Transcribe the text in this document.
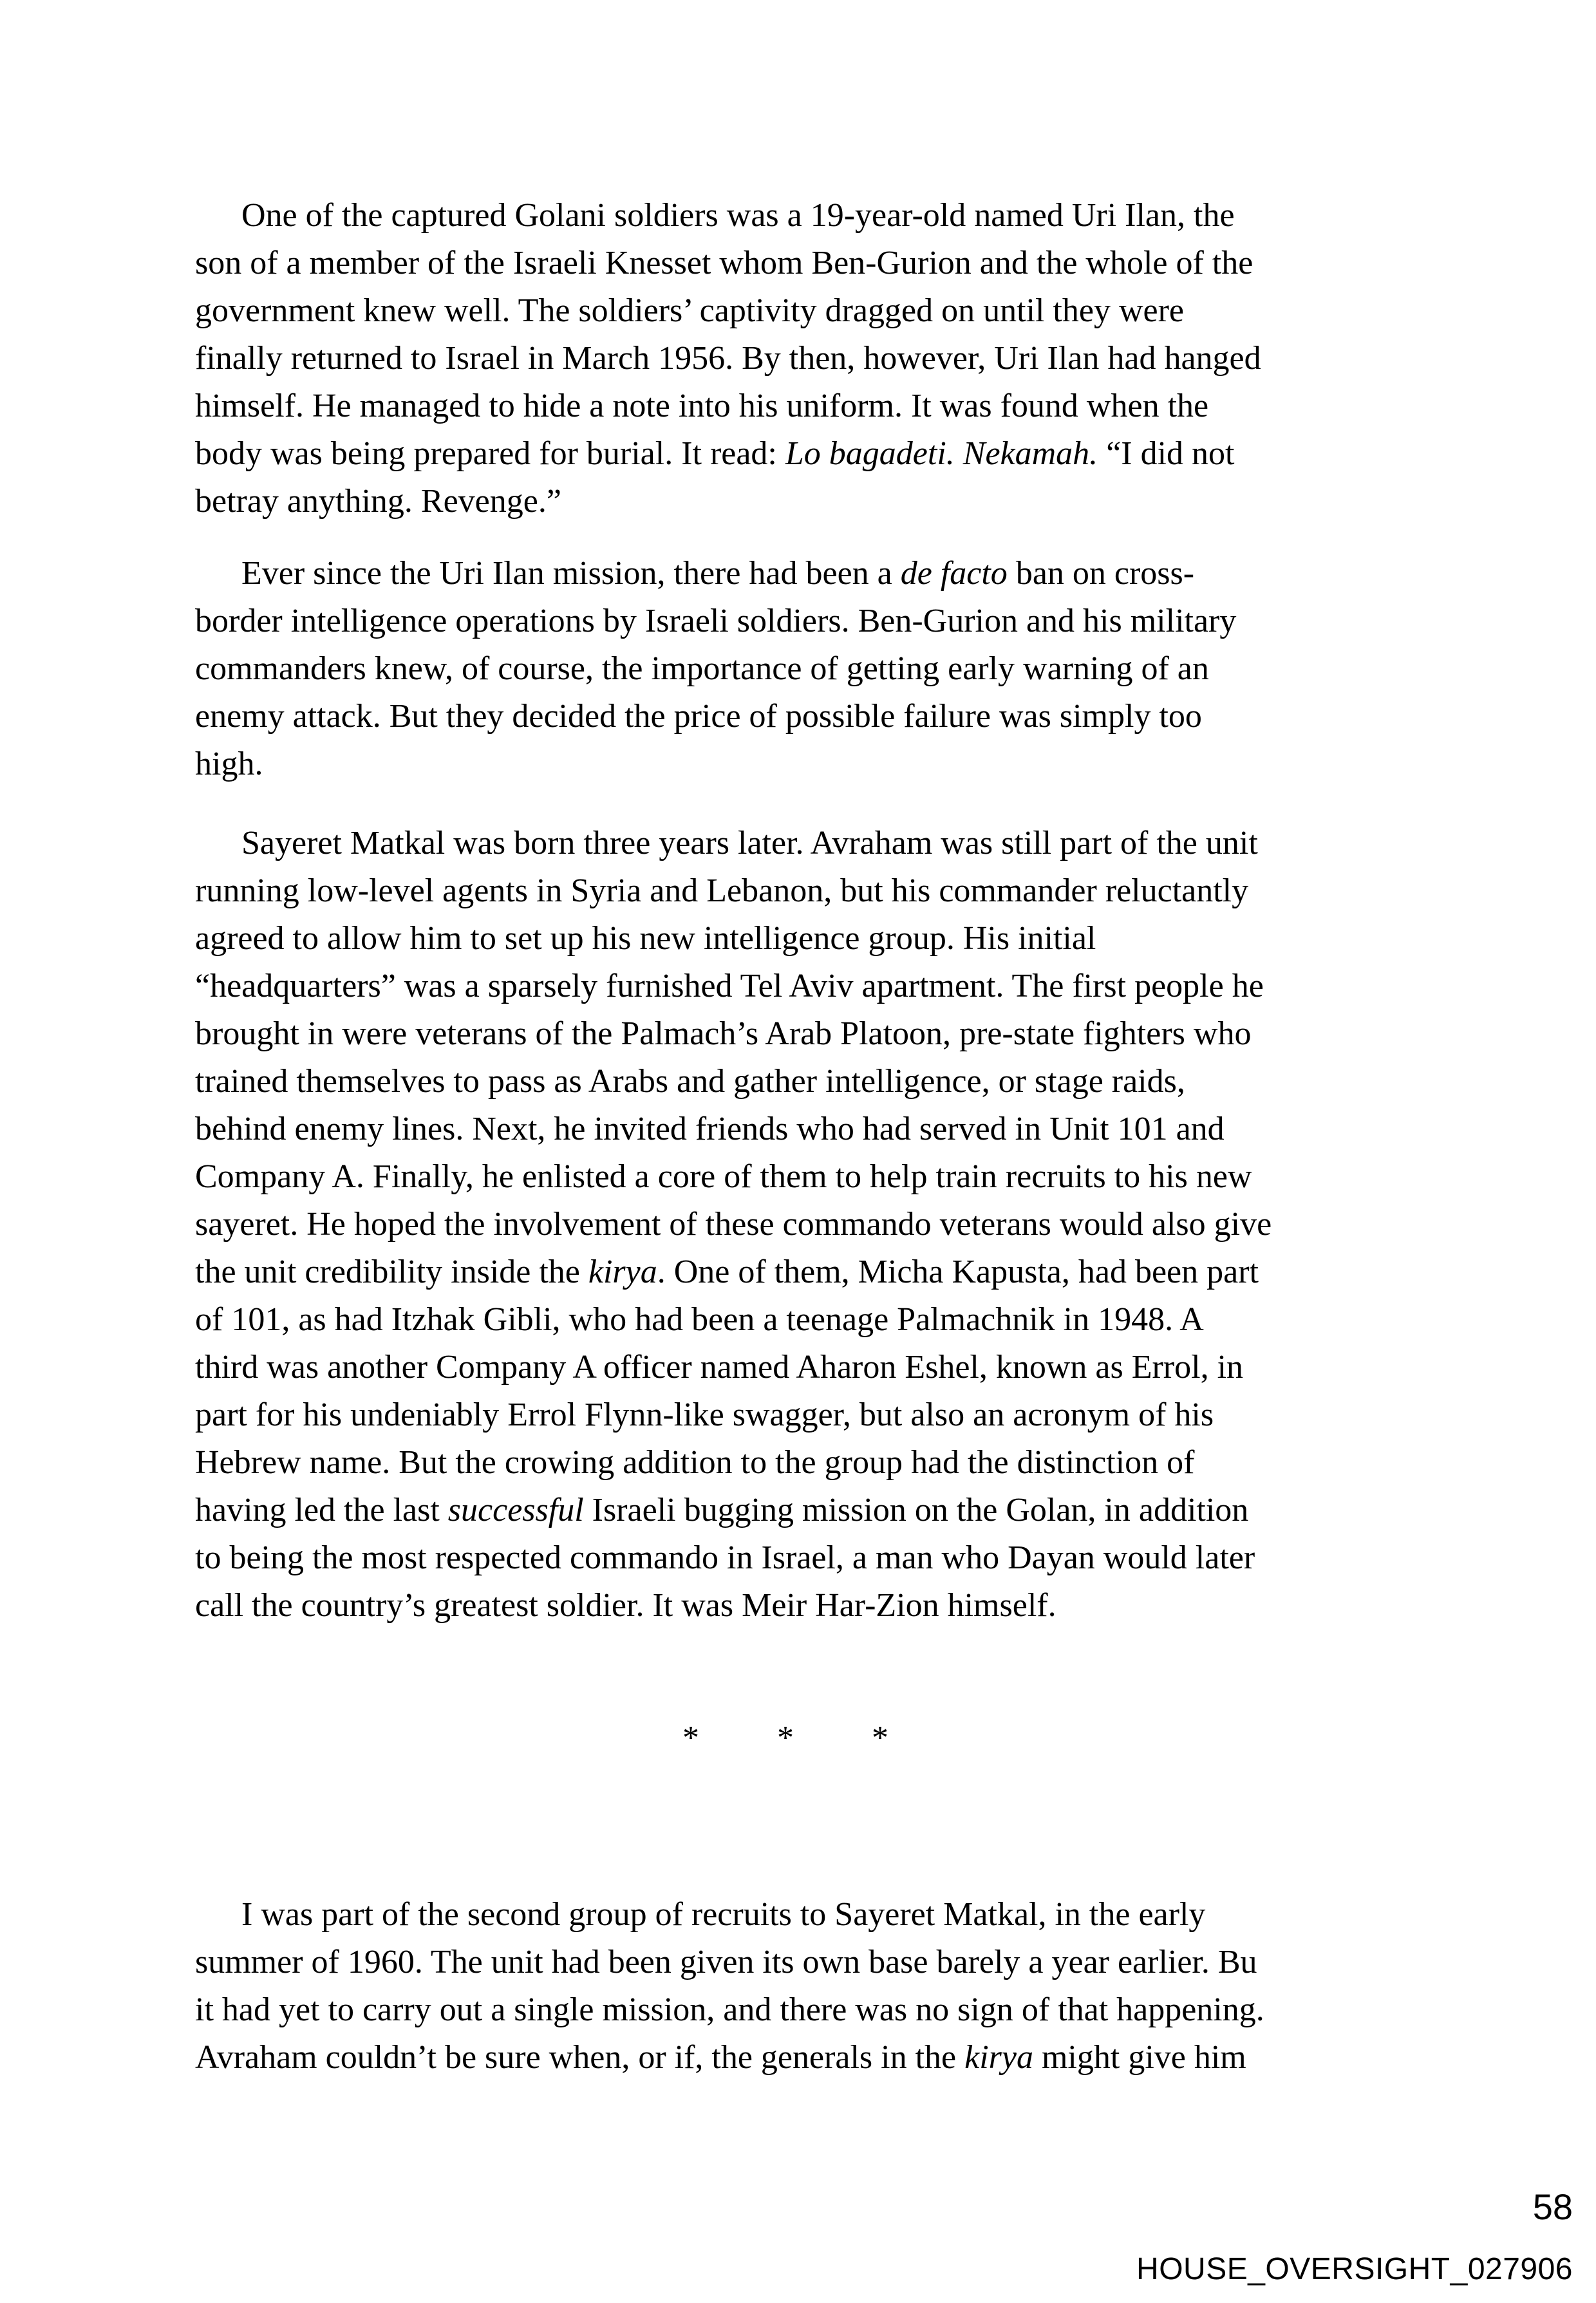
One of the captured Golani soldiers was a 19-year-old named Uri Ilan, the
son of a member of the Israeli Knesset whom Ben-Gurion and the whole of the
government knew well. The soldiers’ captivity dragged on until they were
finally returned to Israel in March 1956. By then, however, Uri Ilan had hanged
himself. He managed to hide a note into his uniform. It was found when the
body was being prepared for burial. It read: Lo bagadeti. Nekamah. “I did not
betray anything. Revenge.”
Ever since the Uri Ilan mission, there had been a de facto ban on cross-
border intelligence operations by Israeli soldiers. Ben-Gurion and his military
commanders knew, of course, the importance of getting early warning of an
enemy attack. But they decided the price of possible failure was simply too
high.
Sayeret Matkal was born three years later. Avraham was still part of the unit
running low-level agents in Syria and Lebanon, but his commander reluctantly
agreed to allow him to set up his new intelligence group. His initial
“headquarters” was a sparsely furnished Tel Aviv apartment. The first people he
brought in were veterans of the Palmach’s Arab Platoon, pre-state fighters who
trained themselves to pass as Arabs and gather intelligence, or stage raids,
behind enemy lines. Next, he invited friends who had served in Unit 101 and
Company A. Finally, he enlisted a core of them to help train recruits to his new
sayeret. He hoped the involvement of these commando veterans would also give
the unit credibility inside the kirya. One of them, Micha Kapusta, had been part
of 101, as had Itzhak Gibli, who had been a teenage Palmachnik in 1948. A
third was another Company A officer named Aharon Eshel, known as Errol, in
part for his undeniably Errol Flynn-like swagger, but also an acronym of his
Hebrew name. But the crowing addition to the group had the distinction of
having led the last successful Israeli bugging mission on the Golan, in addition
to being the most respected commando in Israel, a man who Dayan would later
call the country’s greatest soldier. It was Meir Har-Zion himself.
* * *
I was part of the second group of recruits to Sayeret Matkal, in the early
summer of 1960. The unit had been given its own base barely a year earlier. Bu
it had yet to carry out a single mission, and there was no sign of that happening.
Avraham couldn’t be sure when, or if, the generals in the kirya might give him
58
HOUSE_OVERSIGHT_027906
